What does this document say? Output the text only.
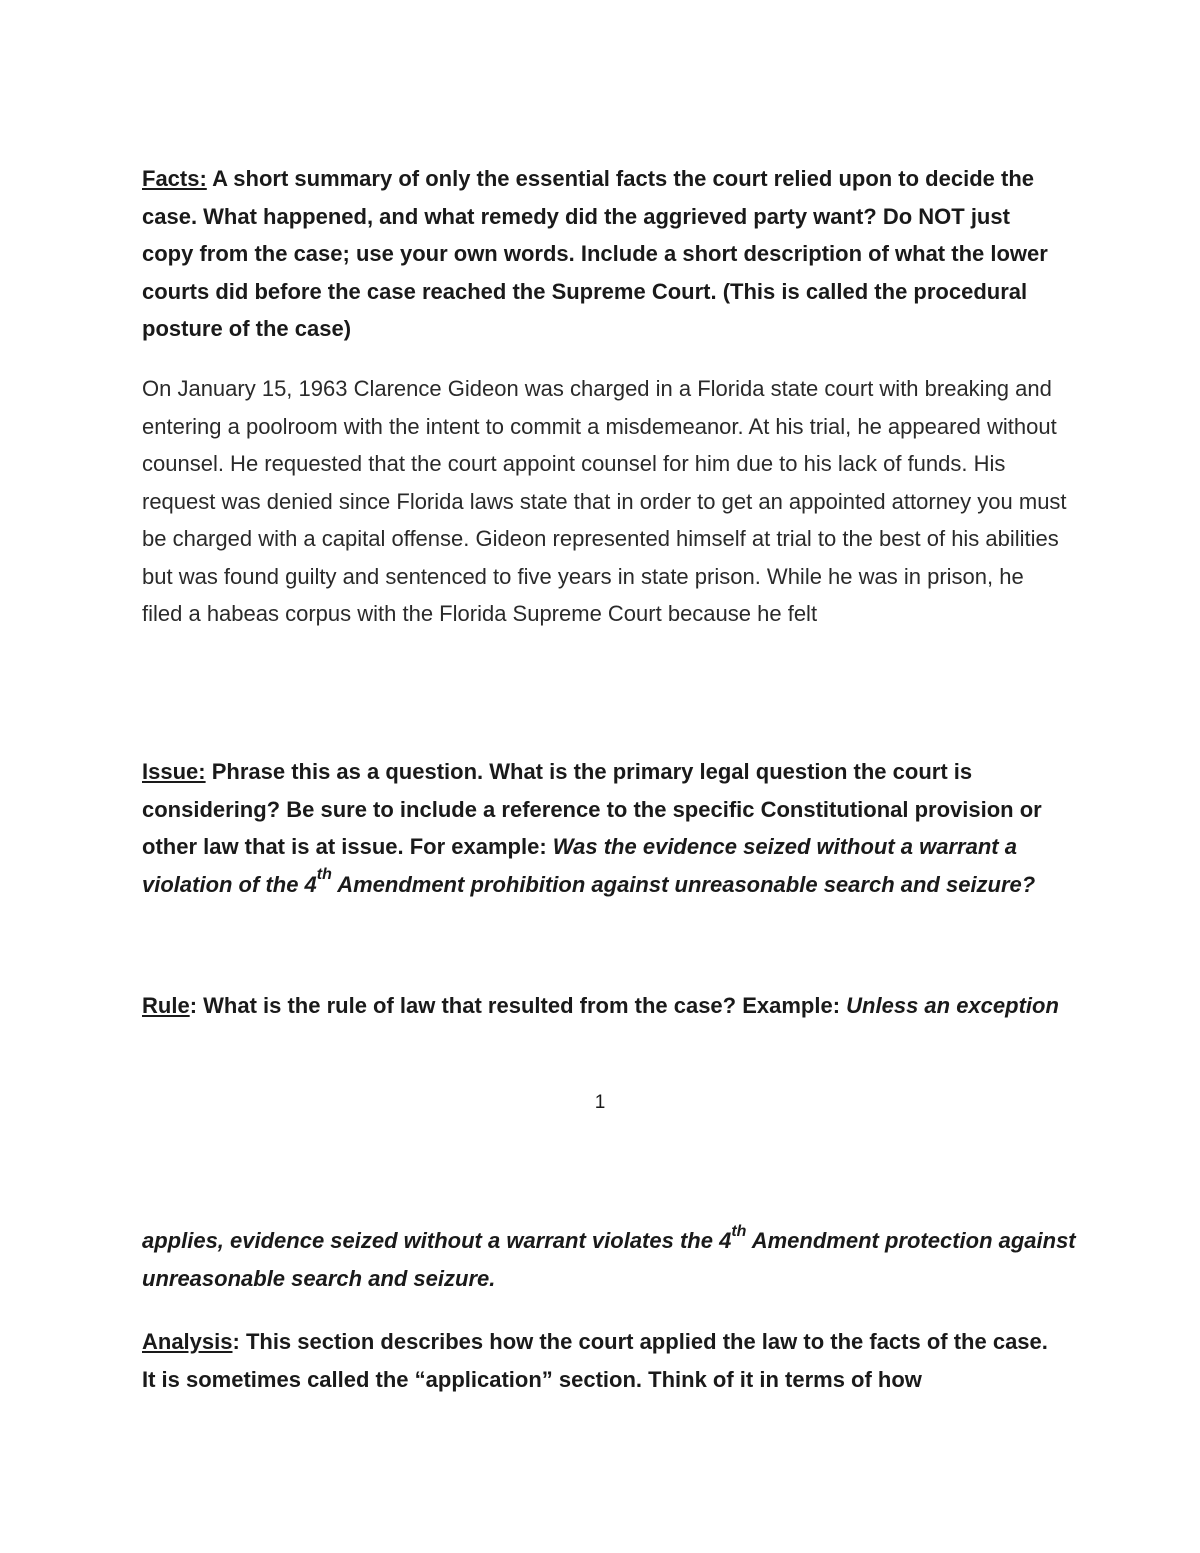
Facts: A short summary of only the essential facts the court relied upon to decide the case. What happened, and what remedy did the aggrieved party want? Do NOT just copy from the case; use your own words. Include a short description of what the lower courts did before the case reached the Supreme Court. (This is called the procedural posture of the case)

On January 15, 1963 Clarence Gideon was charged in a Florida state court with breaking and entering a poolroom with the intent to commit a misdemeanor. At his trial, he appeared without counsel. He requested that the court appoint counsel for him due to his lack of funds. His request was denied since Florida laws state that in order to get an appointed attorney you must be charged with a capital offense. Gideon represented himself at trial to the best of his abilities but was found guilty and sentenced to five years in state prison. While he was in prison, he filed a habeas corpus with the Florida Supreme Court because he felt

Issue: Phrase this as a question. What is the primary legal question the court is considering? Be sure to include a reference to the specific Constitutional provision or other law that is at issue. For example: Was the evidence seized without a warrant a violation of the 4th Amendment prohibition against unreasonable search and seizure?

Rule: What is the rule of law that resulted from the case? Example: Unless an exception

1

applies, evidence seized without a warrant violates the 4th Amendment protection against unreasonable search and seizure.

Analysis: This section describes how the court applied the law to the facts of the case. It is sometimes called the “application” section. Think of it in terms of how
